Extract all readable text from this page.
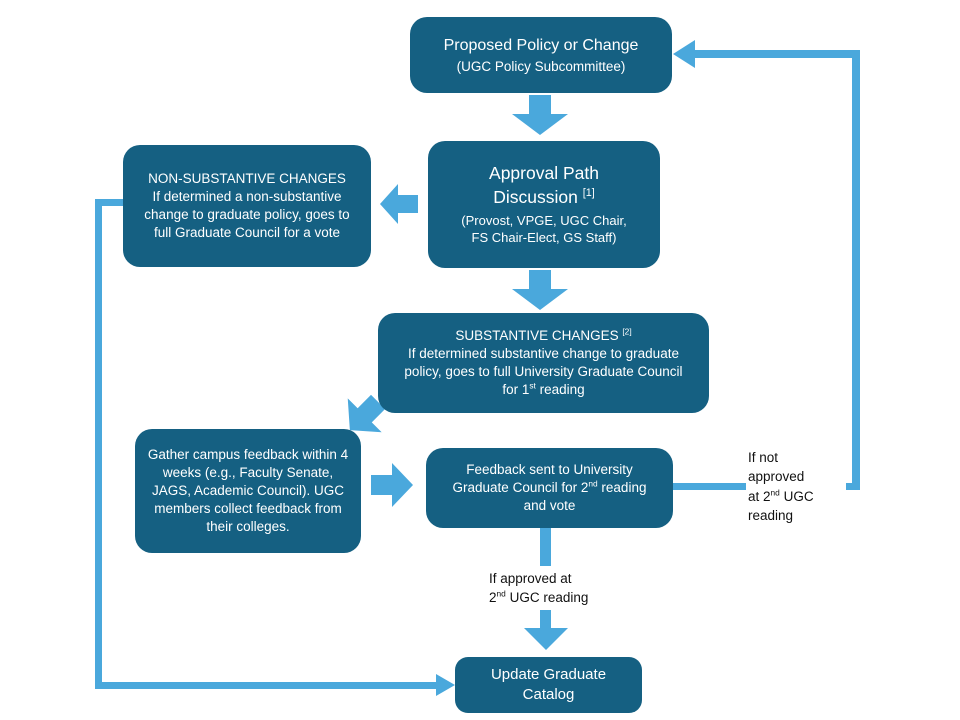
Proposed Policy or Change
(UGC Policy Subcommittee)
Approval Path
Discussion [1]
(Provost, VPGE, UGC Chair,
FS Chair-Elect, GS Staff)
NON-SUBSTANTIVE CHANGES
If determined a non-substantive change to graduate policy, goes to full Graduate Council for a vote
SUBSTANTIVE CHANGES [2]
If determined substantive change to graduate policy, goes to full University Graduate Council for 1st reading
Gather campus feedback within 4 weeks (e.g., Faculty Senate, JAGS, Academic Council). UGC members collect feedback from their colleges.
Feedback sent to University Graduate Council for 2nd reading and vote
Update Graduate Catalog
If not
approved
at 2nd UGC
reading
If approved at
2nd UGC reading
